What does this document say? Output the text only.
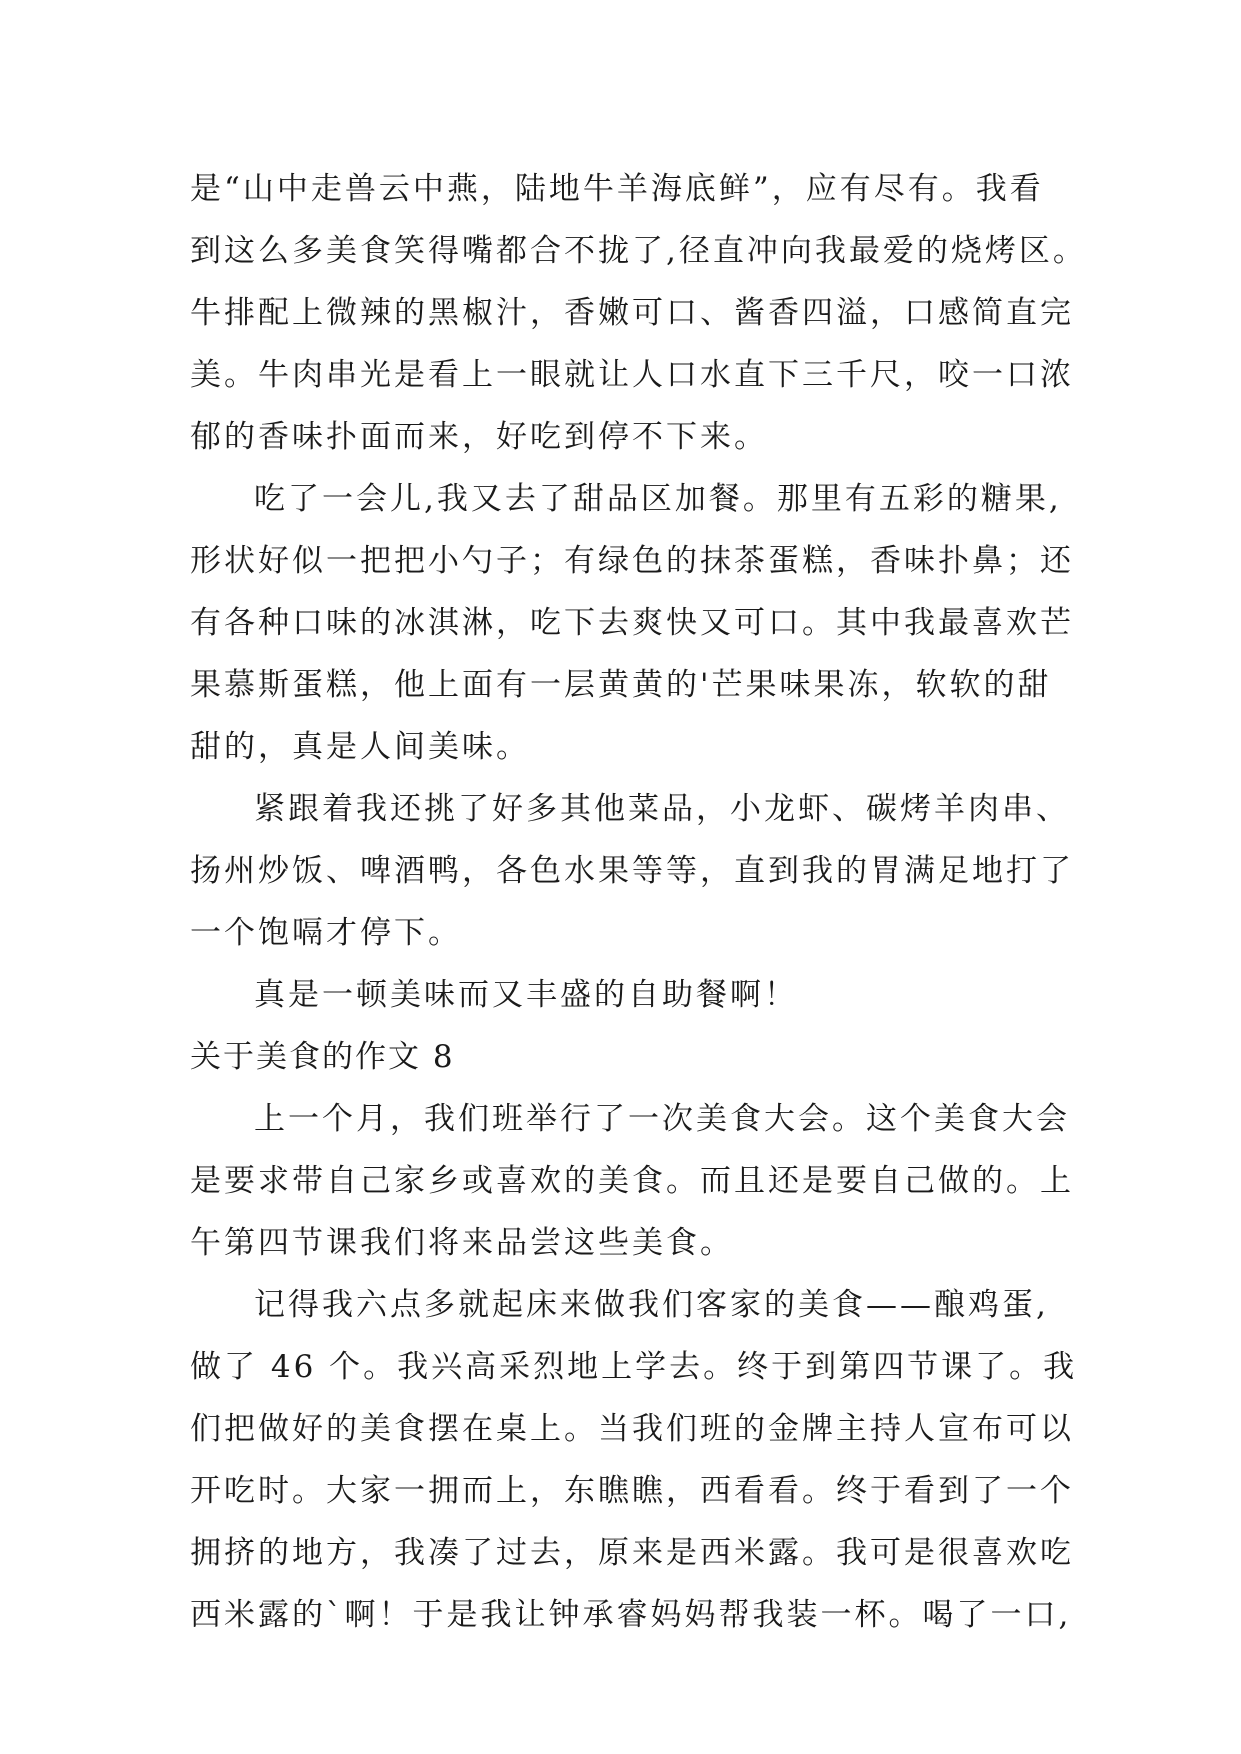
是“山中走兽云中燕，陆地牛羊海底鲜”，应有尽有。我看
到这么多美食笑得嘴都合不拢了,径直冲向我最爱的烧烤区。
牛排配上微辣的黑椒汁，香嫩可口、酱香四溢，口感简直完
美。牛肉串光是看上一眼就让人口水直下三千尺，咬一口浓
郁的香味扑面而来，好吃到停不下来。
吃了一会儿,我又去了甜品区加餐。那里有五彩的糖果,
形状好似一把把小勺子；有绿色的抹茶蛋糕，香味扑鼻；还
有各种口味的冰淇淋，吃下去爽快又可口。其中我最喜欢芒
果慕斯蛋糕，他上面有一层黄黄的'芒果味果冻，软软的甜
甜的，真是人间美味。
紧跟着我还挑了好多其他菜品，小龙虾、碳烤羊肉串、
扬州炒饭、啤酒鸭，各色水果等等，直到我的胃满足地打了
一个饱嗝才停下。
真是一顿美味而又丰盛的自助餐啊！
关于美食的作文 8
上一个月，我们班举行了一次美食大会。这个美食大会
是要求带自己家乡或喜欢的美食。而且还是要自己做的。上
午第四节课我们将来品尝这些美食。
记得我六点多就起床来做我们客家的美食——酿鸡蛋,
做了 46 个。我兴高采烈地上学去。终于到第四节课了。我
们把做好的美食摆在桌上。当我们班的金牌主持人宣布可以
开吃时。大家一拥而上，东瞧瞧，西看看。终于看到了一个
拥挤的地方，我凑了过去，原来是西米露。我可是很喜欢吃
西米露的`啊！于是我让钟承睿妈妈帮我装一杯。喝了一口,
